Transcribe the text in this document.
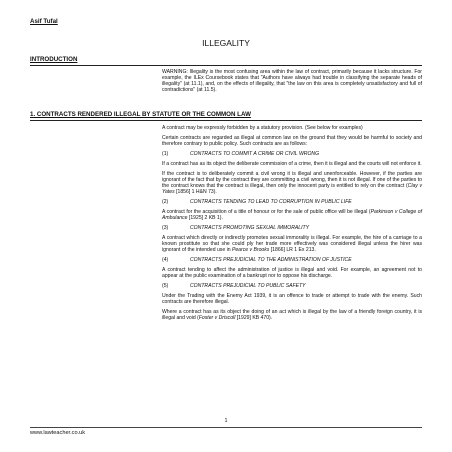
Asif Tufal
ILLEGALITY
INTRODUCTION

WARNING: Illegality is the most confusing area within the law of contract, primarily because it lacks structure. For example, the ILEx Coursebook states that "Authors have always had trouble in classifying the separate heads of illegality" (at 11.1), and, on the effects of illegality, that "the law on this area is completely unsatisfactory and full of contradictions" (at 11.5).

1. CONTRACTS RENDERED ILLEGAL BY STATUTE OR THE COMMON LAW

A contract may be expressly forbidden by a statutory provision. (See below for examples)

Certain contracts are regarded as illegal at common law on the ground that they would be harmful to society and therefore contrary to public policy. Such contracts are as follows:

(1)	CONTRACTS TO COMMIT A CRIME OR CIVIL WRONG

If a contract has as its object the deliberate commission of a crime, then it is illegal and the courts will not enforce it.

If the contract is to deliberately commit a civil wrong it is illegal and unenforceable. However, if the parties are ignorant of the fact that by the contract they are committing a civil wrong, then it is not illegal. If one of the parties to the contract knows that the contract is illegal, then only the innocent party is entitled to rely on the contract (Clay v Yates [1856] 1 H&N 73).

(2)	CONTRACTS TENDING TO LEAD TO CORRUPTION IN PUBLIC LIFE

A contract for the acquisition of a title of honour or for the sale of public office will be illegal (Parkinson v College of Ambulance [1925] 2 KB 1).

(3)	CONTRACTS PROMOTING SEXUAL IMMORALITY

A contract which directly or indirectly promotes sexual immorality is illegal. For example, the hire of a carriage to a known prostitute so that she could ply her trade more effectively was considered illegal unless the hirer was ignorant of the intended use in Pearce v Brooks [1866] LR 1 Ex 213.

(4)	CONTRACTS PREJUDICIAL TO THE ADMINISTRATION OF JUSTICE

A contract tending to affect the administration of justice is illegal and void. For example, an agreement not to appear at the public examination of a bankrupt nor to oppose his discharge.

(5)	CONTRACTS PREJUDICIAL TO PUBLIC SAFETY

Under the Trading with the Enemy Act 1939, it is an offence to trade or attempt to trade with the enemy. Such contracts are therefore illegal.

Where a contract has as its object the doing of an act which is illegal by the law of a friendly foreign country, it is illegal and void (Foster v Driscoll [1929] KB 470).

1
www.lawteacher.co.uk
